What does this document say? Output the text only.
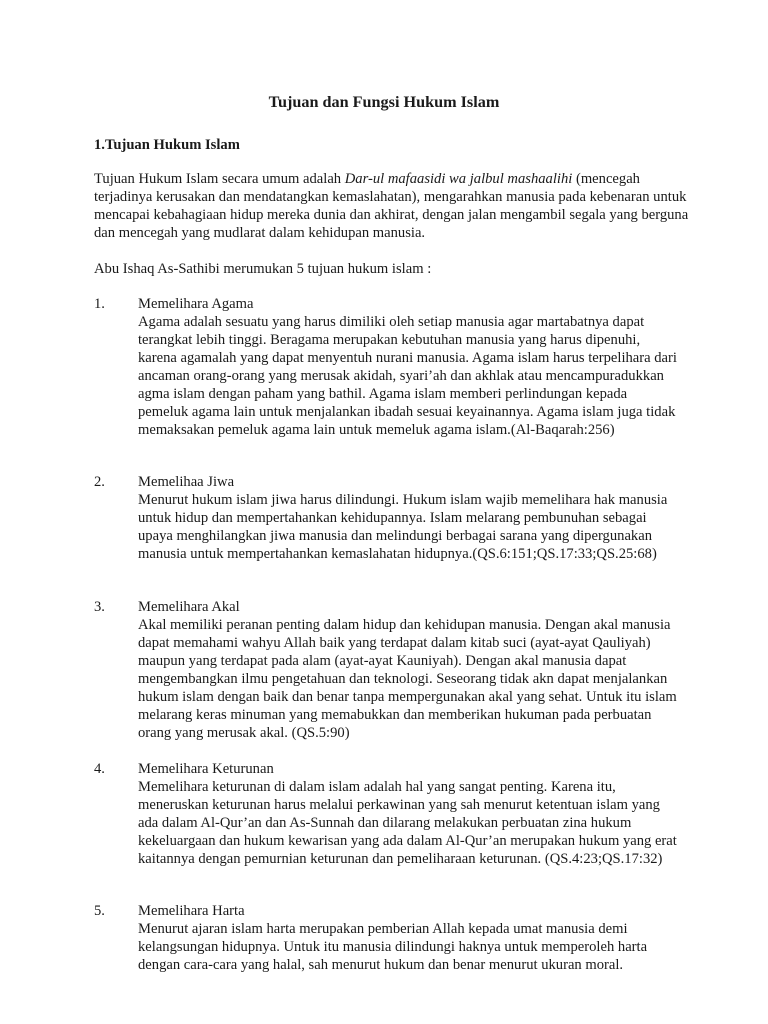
Tujuan dan Fungsi Hukum Islam
1.Tujuan Hukum Islam

Tujuan Hukum Islam secara umum adalah Dar-ul mafaasidi wa jalbul mashaalihi (mencegah terjadinya kerusakan dan mendatangkan kemaslahatan), mengarahkan manusia pada kebenaran untuk mencapai kebahagiaan hidup mereka dunia dan akhirat, dengan jalan mengambil segala yang berguna dan mencegah yang mudlarat dalam kehidupan manusia.

Abu Ishaq As-Sathibi merumukan 5 tujuan hukum islam :
1. Memelihara Agama
Agama adalah sesuatu yang harus dimiliki oleh setiap manusia agar martabatnya dapat terangkat lebih tinggi. Beragama merupakan kebutuhan manusia yang harus dipenuhi, karena agamalah yang dapat menyentuh nurani manusia. Agama islam harus terpelihara dari ancaman orang-orang yang merusak akidah, syari’ah dan akhlak atau mencampuradukkan agma islam dengan paham yang bathil. Agama islam memberi perlindungan kepada pemeluk agama lain untuk menjalankan ibadah sesuai keyainannya. Agama islam juga tidak memaksakan pemeluk agama lain untuk memeluk agama islam.(Al-Baqarah:256)
2. Memelihaa Jiwa
Menurut hukum islam jiwa harus dilindungi. Hukum islam wajib memelihara hak manusia untuk hidup dan mempertahankan kehidupannya. Islam melarang pembunuhan sebagai upaya menghilangkan jiwa manusia dan melindungi berbagai sarana yang dipergunakan manusia untuk mempertahankan kemaslahatan hidupnya.(QS.6:151;QS.17:33;QS.25:68)
3. Memelihara Akal
Akal memiliki peranan penting dalam hidup dan kehidupan manusia. Dengan akal manusia dapat memahami wahyu Allah baik yang terdapat dalam kitab suci (ayat-ayat Qauliyah) maupun yang terdapat pada alam (ayat-ayat Kauniyah). Dengan akal manusia dapat mengembangkan ilmu pengetahuan dan teknologi. Seseorang tidak akn dapat menjalankan hukum islam dengan baik dan benar tanpa mempergunakan akal yang sehat. Untuk itu islam melarang keras minuman yang memabukkan dan memberikan hukuman pada perbuatan orang yang merusak akal. (QS.5:90)
4. Memelihara Keturunan
Memelihara keturunan di dalam islam adalah hal yang sangat penting. Karena itu, meneruskan keturunan harus melalui perkawinan yang sah menurut ketentuan islam yang ada dalam Al-Qur’an dan As-Sunnah dan dilarang melakukan perbuatan zina hukum kekeluargaan dan hukum kewarisan yang ada dalam Al-Qur’an merupakan hukum yang erat kaitannya dengan pemurnian keturunan dan pemeliharaan keturunan. (QS.4:23;QS.17:32)
5. Memelihara Harta
Menurut ajaran islam harta merupakan pemberian Allah kepada umat manusia demi kelangsungan hidupnya. Untuk itu manusia dilindungi haknya untuk memperoleh harta dengan cara-cara yang halal, sah menurut hukum dan benar menurut ukuran moral.
